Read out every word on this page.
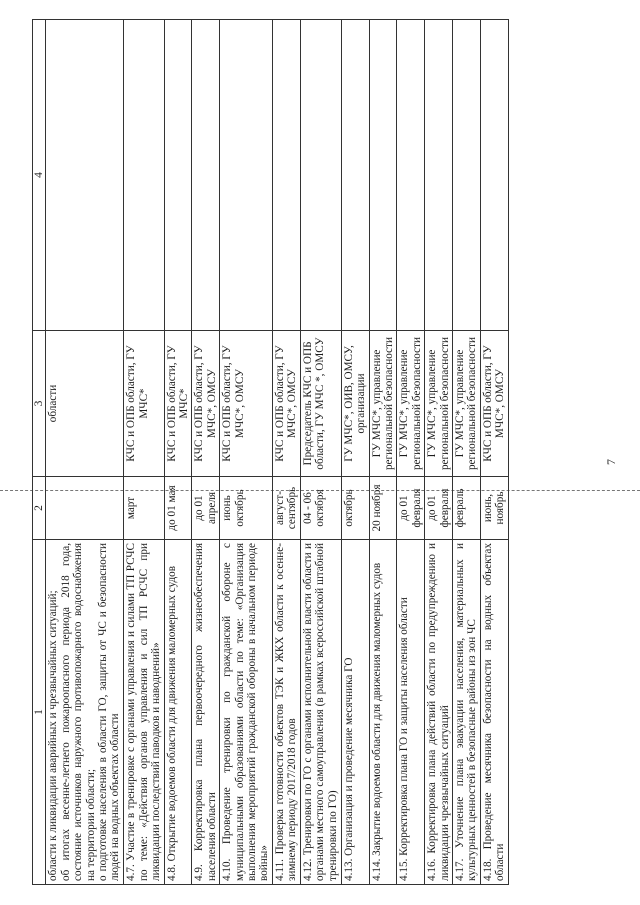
7
1	2	3	4
области к ликвидации аварийных и чрезвычайных ситуаций;
об итогах весенне-летнего пожароопасного периода 2018 года, состояние источников наружного противопожарного водоснабжения на территории области;
о подготовке населения в области ГО, защиты от ЧС и безопасности людей на водных объектах области		области	
4.7. Участие в тренировке с органами управления и силами ТП РСЧС по теме: «Действия органов управления и сил ТП РСЧС при ликвидации последствий паводков и наводнений»	март	КЧС и ОПБ области, ГУ МЧС*	
4.8. Открытие водоемов области для движения маломерных судов	до 01 мая	КЧС и ОПБ области, ГУ МЧС*	
4.9. Корректировка плана первоочередного жизнеобеспечения населения области	до 01 апреля	КЧС и ОПБ области, ГУ МЧС*, ОМСУ	
4.10. Проведение тренировки по гражданской обороне с муниципальными образованиями области по теме: «Организация выполнения мероприятий гражданской обороны в начальном периоде войны»	июнь
октябрь	КЧС и ОПБ области, ГУ МЧС*, ОМСУ	
4.11. Проверка готовности объектов ТЭК и ЖКХ области к осенне-зимнему периоду 2017/2018 годов	август-
сентябрь	КЧС и ОПБ области, ГУ МЧС*, ОМСУ	
4.12. Тренировки по ГО с органами исполнительной власти области и органами местного самоуправления (в рамках всероссийской штабной тренировки по ГО)	04 - 06
октября	Председатель КЧС и ОПБ области, ГУ МЧС *, ОМСУ	
4.13. Организация и проведение месячника ГО	октябрь	ГУ МЧС*, ОИВ, ОМСУ, организации	
4.14. Закрытие водоемов области для движения маломерных судов	20 ноября	ГУ МЧС*, управление региональной безопасности	
4.15. Корректировка плана ГО и защиты населения области	до 01
февраля	ГУ МЧС*, управление региональной безопасности	
4.16. Корректировка плана действий области по предупреждению и ликвидации чрезвычайных ситуаций	до 01
февраля	ГУ МЧС*, управление региональной безопасности	
4.17. Уточнение плана эвакуации населения, материальных и культурных ценностей в безопасные районы из зон ЧС	февраль	ГУ МЧС*, управление региональной безопасности	
4.18. Проведение месячника безопасности на водных объектах области	июнь, ноябрь	КЧС и ОПБ области, ГУ МЧС*, ОМСУ	
